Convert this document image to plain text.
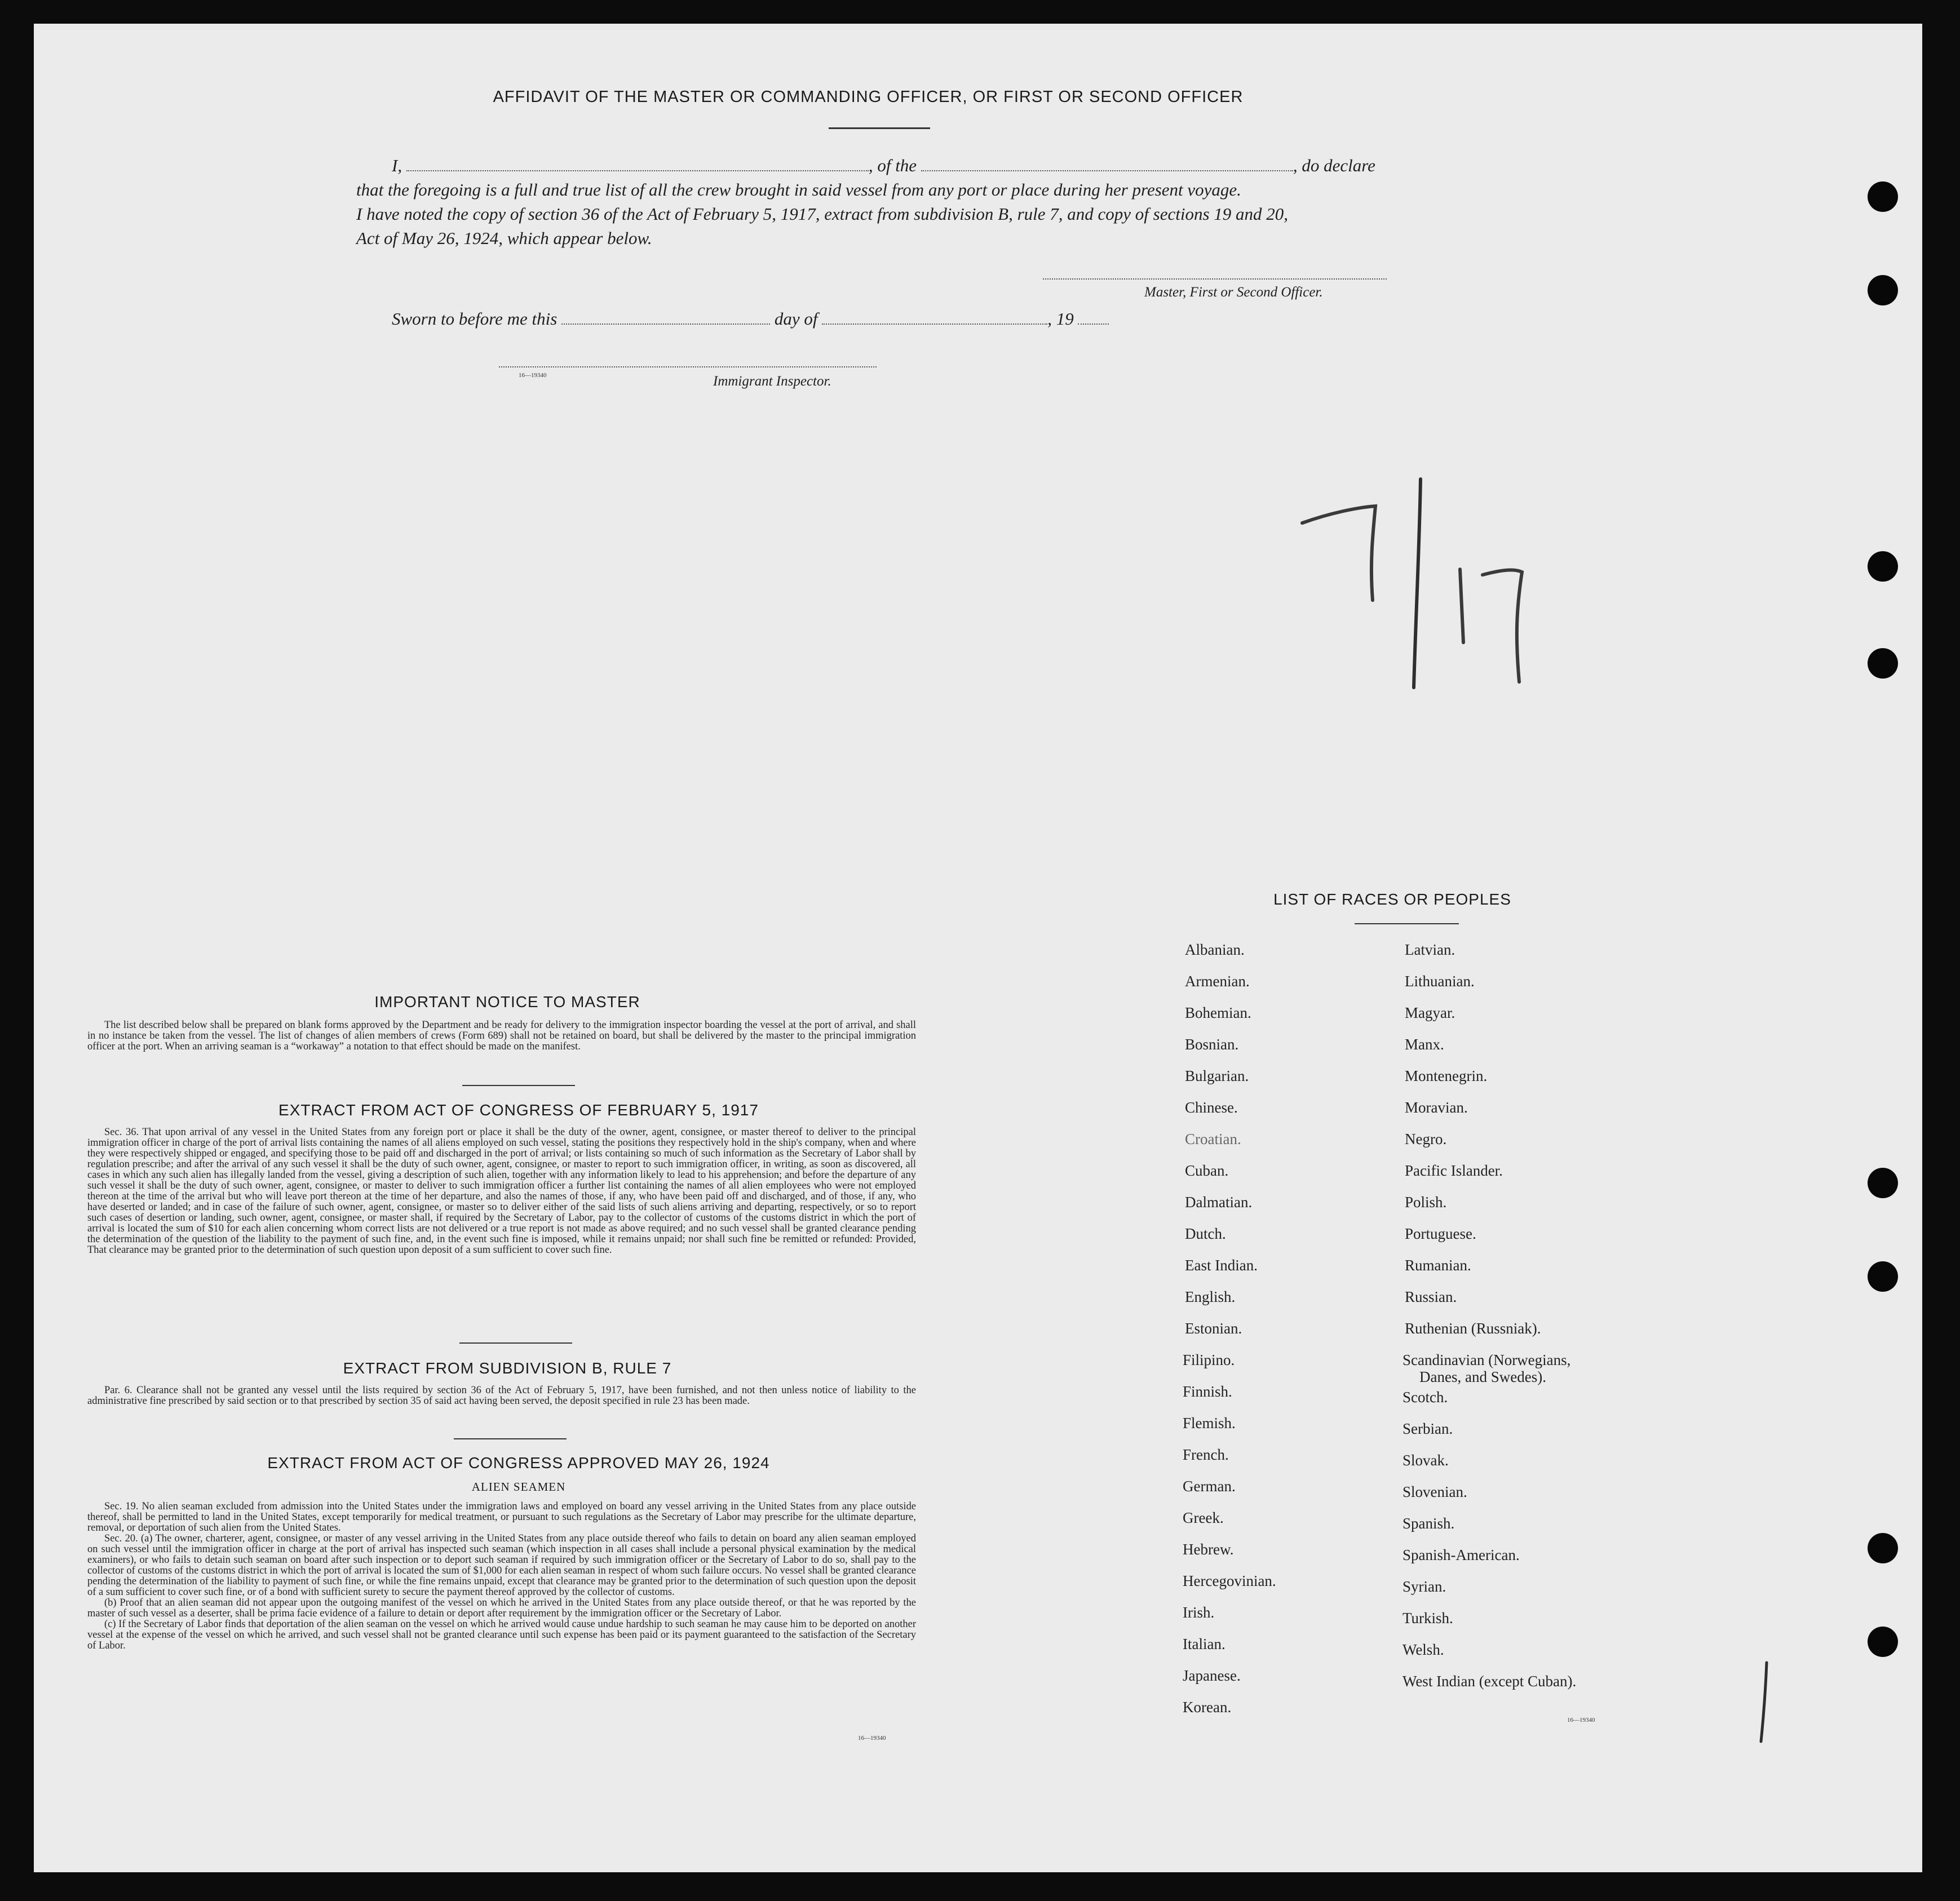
AFFIDAVIT OF THE MASTER OR COMMANDING OFFICER, OR FIRST OR SECOND OFFICER
I,	, of the	, do declare
that the foregoing is a full and true list of all the crew brought in said vessel from any port or place during her present voyage.
I have noted the copy of section 36 of the Act of February 5, 1917, extract from subdivision B, rule 7, and copy of sections 19 and 20,
Act of May 26, 1924, which appear below.
Master, First or Second Officer.
Sworn to before me this	day of	, 19
16—19340	Immigrant Inspector.
IMPORTANT NOTICE TO MASTER

The list described below shall be prepared on blank forms approved by the Department and be ready for delivery to the immigration inspector boarding the vessel at the port of arrival, and shall in no instance be taken from the vessel. The list of changes of alien members of crews (Form 689) shall not be retained on board, but shall be delivered by the master to the principal immigration officer at the port. When an arriving seaman is a “workaway” a notation to that effect should be made on the manifest.

EXTRACT FROM ACT OF CONGRESS OF FEBRUARY 5, 1917

Sec. 36. That upon arrival of any vessel in the United States from any foreign port or place it shall be the duty of the owner, agent, consignee, or master thereof to deliver to the principal immigration officer in charge of the port of arrival lists containing the names of all aliens employed on such vessel, stating the positions they respectively hold in the ship's company, when and where they were respectively shipped or engaged, and specifying those to be paid off and discharged in the port of arrival; or lists containing so much of such information as the Secretary of Labor shall by regulation prescribe; and after the arrival of any such vessel it shall be the duty of such owner, agent, consignee, or master to report to such immigration officer, in writing, as soon as discovered, all cases in which any such alien has illegally landed from the vessel, giving a description of such alien, together with any information likely to lead to his apprehension; and before the departure of any such vessel it shall be the duty of such owner, agent, consignee, or master to deliver to such immigration officer a further list containing the names of all alien employees who were not employed thereon at the time of the arrival but who will leave port thereon at the time of her departure, and also the names of those, if any, who have been paid off and discharged, and of those, if any, who have deserted or landed; and in case of the failure of such owner, agent, consignee, or master so to deliver either of the said lists of such aliens arriving and departing, respectively, or so to report such cases of desertion or landing, such owner, agent, consignee, or master shall, if required by the Secretary of Labor, pay to the collector of customs of the customs district in which the port of arrival is located the sum of $10 for each alien concerning whom correct lists are not delivered or a true report is not made as above required; and no such vessel shall be granted clearance pending the determination of the question of the liability to the payment of such fine, and, in the event such fine is imposed, while it remains unpaid; nor shall such fine be remitted or refunded: Provided, That clearance may be granted prior to the determination of such question upon deposit of a sum sufficient to cover such fine.

EXTRACT FROM SUBDIVISION B, RULE 7

Par. 6. Clearance shall not be granted any vessel until the lists required by section 36 of the Act of February 5, 1917, have been furnished, and not then unless notice of liability to the administrative fine prescribed by said section or to that prescribed by section 35 of said act having been served, the deposit specified in rule 23 has been made.

EXTRACT FROM ACT OF CONGRESS APPROVED MAY 26, 1924
ALIEN SEAMEN

Sec. 19. No alien seaman excluded from admission into the United States under the immigration laws and employed on board any vessel arriving in the United States from any place outside thereof, shall be permitted to land in the United States, except temporarily for medical treatment, or pursuant to such regulations as the Secretary of Labor may prescribe for the ultimate departure, removal, or deportation of such alien from the United States.

Sec. 20. (a) The owner, charterer, agent, consignee, or master of any vessel arriving in the United States from any place outside thereof who fails to detain on board any alien seaman employed on such vessel until the immigration officer in charge at the port of arrival has inspected such seaman (which inspection in all cases shall include a personal physical examination by the medical examiners), or who fails to detain such seaman on board after such inspection or to deport such seaman if required by such immigration officer or the Secretary of Labor to do so, shall pay to the collector of customs of the customs district in which the port of arrival is located the sum of $1,000 for each alien seaman in respect of whom such failure occurs. No vessel shall be granted clearance pending the determination of the liability to payment of such fine, or while the fine remains unpaid, except that clearance may be granted prior to the determination of such question upon the deposit of a sum sufficient to cover such fine, or of a bond with sufficient surety to secure the payment thereof approved by the collector of customs.

(b) Proof that an alien seaman did not appear upon the outgoing manifest of the vessel on which he arrived in the United States from any place outside thereof, or that he was reported by the master of such vessel as a deserter, shall be prima facie evidence of a failure to detain or deport after requirement by the immigration officer or the Secretary of Labor.

(c) If the Secretary of Labor finds that deportation of the alien seaman on the vessel on which he arrived would cause undue hardship to such seaman he may cause him to be deported on another vessel at the expense of the vessel on which he arrived, and such vessel shall not be granted clearance until such expense has been paid or its payment guaranteed to the satisfaction of the Secretary of Labor.

16—19340
LIST OF RACES OR PEOPLES
Albanian.
Armenian.
Bohemian.
Bosnian.
Bulgarian.
Chinese.
Croatian.
Cuban.
Dalmatian.
Dutch.
East Indian.
English.
Estonian.
Filipino.
Finnish.
Flemish.
French.
German.
Greek.
Hebrew.
Hercegovinian.
Irish.
Italian.
Japanese.
Korean.
Latvian.
Lithuanian.
Magyar.
Manx.
Montenegrin.
Moravian.
Negro.
Pacific Islander.
Polish.
Portuguese.
Rumanian.
Russian.
Ruthenian (Russniak).
Scandinavian (Norwegians,
Danes, and Swedes).
Scotch.
Serbian.
Slovak.
Slovenian.
Spanish.
Spanish-American.
Syrian.
Turkish.
Welsh.
West Indian (except Cuban).
16—19340
